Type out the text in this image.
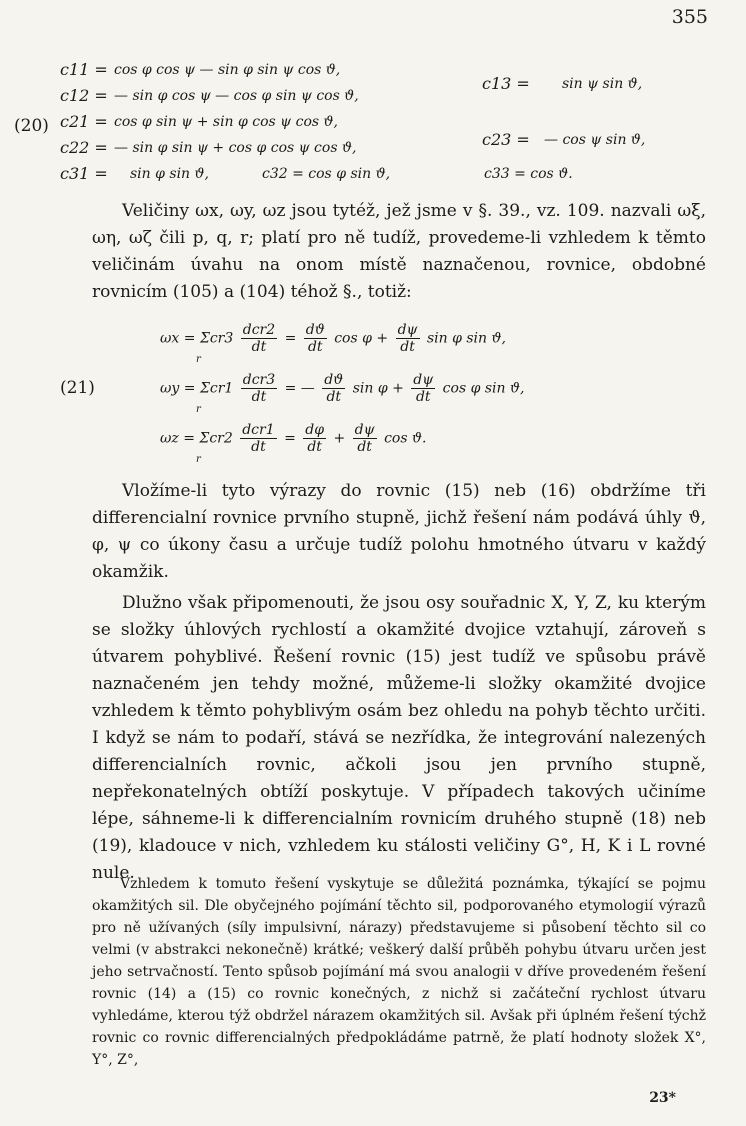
355
(20)
c11 = cos φ cos ψ — sin φ sin ψ cos ϑ,
c12 = — sin φ cos ψ — cos φ sin ψ cos ϑ,
c21 = cos φ sin ψ + sin φ cos ψ cos ϑ,
c22 = — sin φ sin ψ + cos φ cos ψ cos ϑ,
c31 = sin φ sin ϑ,	c32 = cos φ sin ϑ,
c13 = sin ψ sin ϑ,
c23 = — cos ψ sin ϑ,
c33 = cos ϑ.

Veličiny ωx, ωy, ωz jsou tytéž, jež jsme v §. 39., vz. 109. nazvali ωξ, ωη, ωζ čili p, q, r; platí pro ně tudíž, provedeme-li vzhledem k těmto veličinám úvahu na onom místě naznačenou, rovnice, obdobné rovnicím (105) a (104) téhož §., totiž:

(21)
$\omega x = \Sigma cr3 \frac{\text{dcr2}}{dt} = \frac{dϑ}{dt}$ $\cos \varphi + \frac{d\psi}{dt}$ sin φ sin ϑ,
r
$\omega y = \Sigma cr1 \frac{\text{dcr3}}{dt}$ = — $\frac{dϑ}{dt}$ $\sin \varphi + \frac{d\psi}{dt}$ cos φ sin ϑ,
r
$\omega z = \Sigma cr2 \frac{\text{dcr1}}{dt} = \frac{d\varphi}{dt} + \frac{d\psi}{dt}$ cos ϑ.
r

Vložíme-li tyto výrazy do rovnic (15) neb (16) obdržíme tři differencialní rovnice prvního stupně, jichž řešení nám podává úhly ϑ, φ, ψ co úkony času a určuje tudíž polohu hmotného útvaru v každý okamžik.

Dlužno však připomenouti, že jsou osy souřadnic X, Y, Z, ku kterým se složky úhlových rychlostí a okamžité dvojice vztahují, zároveň s útvarem pohyblivé. Řešení rovnic (15) jest tudíž ve spůsobu právě naznačeném jen tehdy možné, můžeme-li složky okamžité dvojice vzhledem k těmto pohyblivým osám bez ohledu na pohyb těchto určiti. I když se nám to podaří, stává se nezřídka, že integrování nalezených differencialních rovnic, ačkoli jsou jen prvního stupně, nepřekonatelných obtíží poskytuje. V případech takových učiníme lépe, sáhneme-li k differencialním rovnicím druhého stupně (18) neb (19), kladouce v nich, vzhledem ku stálosti veličiny G°, H, K i L rovné nule.

Vzhledem k tomuto řešení vyskytuje se důležitá poznámka, týkající se pojmu okamžitých sil. Dle obyčejného pojímání těchto sil, podporovaného etymologií výrazů pro ně užívaných (síly impulsivní, nárazy) představujeme si působení těchto sil co velmi (v abstrakci nekonečně) krátké; veškerý další průběh pohybu útvaru určen jest jeho setrvačností. Tento spůsob pojímání má svou analogii v dříve provedeném řešení rovnic (14) a (15) co rovnic konečných, z nichž si začáteční rychlost útvaru vyhledáme, kterou týž obdržel nárazem okamžitých sil. Avšak při úplném řešení týchž rovnic co rovnic differencialných předpokládáme patrně, že platí hodnoty složek X°, Y°, Z°,

23*
